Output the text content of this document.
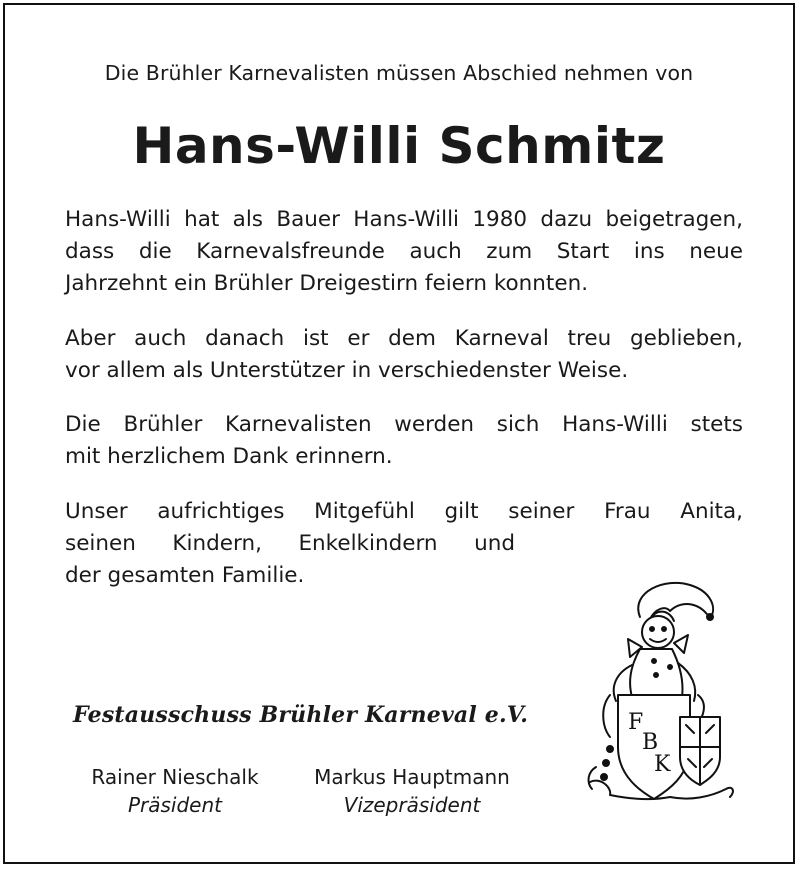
Die Brühler Karnevalisten müssen Abschied nehmen von
Hans-Willi Schmitz
Hans-Willi hat als Bauer Hans-Willi 1980 dazu beigetragen,
dass die Karnevalsfreunde auch zum Start ins neue
Jahrzehnt ein Brühler Dreigestirn feiern konnten.
Aber auch danach ist er dem Karneval treu geblieben,
vor allem als Unterstützer in verschiedenster Weise.
Die Brühler Karnevalisten werden sich Hans-Willi stets
mit herzlichem Dank erinnern.
Unser aufrichtiges Mitgefühl gilt seiner Frau Anita,
seinen Kindern, Enkelkindern und
der gesamten Familie.
Festausschuss Brühler Karneval e.V.
Rainer Nieschalk
Präsident
Markus Hauptmann
Vizepräsident
F
B
K
